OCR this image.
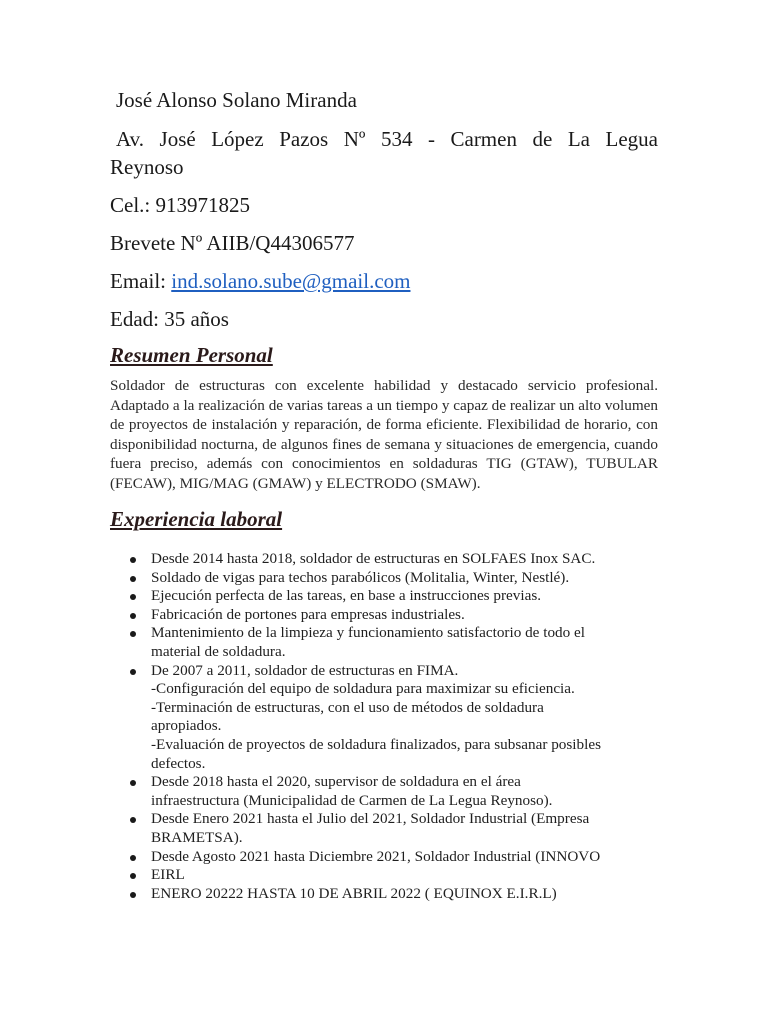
José Alonso Solano Miranda

Av. José López Pazos Nº 534 - Carmen de La Legua

Reynoso

Cel.: 913971825

Brevete Nº AIIB/Q44306577

Email: ind.solano.sube@gmail.com

Edad: 35 años

Resumen Personal

Soldador de estructuras con excelente habilidad y destacado servicio profesional. Adaptado a la realización de varias tareas a un tiempo y capaz de realizar un alto volumen de proyectos de instalación y reparación, de forma eficiente. Flexibilidad de horario, con disponibilidad nocturna, de algunos fines de semana y situaciones de emergencia, cuando fuera preciso, además con conocimientos en soldaduras TIG (GTAW), TUBULAR (FECAW), MIG/MAG (GMAW) y ELECTRODO (SMAW).

Experiencia laboral
Desde 2014 hasta 2018, soldador de estructuras en SOLFAES Inox SAC.
Soldado de vigas para techos parabólicos (Molitalia, Winter, Nestlé).
Ejecución perfecta de las tareas, en base a instrucciones previas.
Fabricación de portones para empresas industriales.
Mantenimiento de la limpieza y funcionamiento satisfactorio de todo el
material de soldadura.
De 2007 a 2011, soldador de estructuras en FIMA.
-Configuración del equipo de soldadura para maximizar su eficiencia.
-Terminación de estructuras, con el uso de métodos de soldadura
apropiados.
-Evaluación de proyectos de soldadura finalizados, para subsanar posibles
defectos.
Desde 2018 hasta el 2020, supervisor de soldadura en el área
infraestructura (Municipalidad de Carmen de La Legua Reynoso).
Desde Enero 2021 hasta el Julio del 2021, Soldador Industrial (Empresa
BRAMETSA).
Desde Agosto 2021 hasta Diciembre 2021, Soldador Industrial (INNOVO
EIRL
ENERO 20222 HASTA 10 DE ABRIL 2022 ( EQUINOX E.I.R.L)
